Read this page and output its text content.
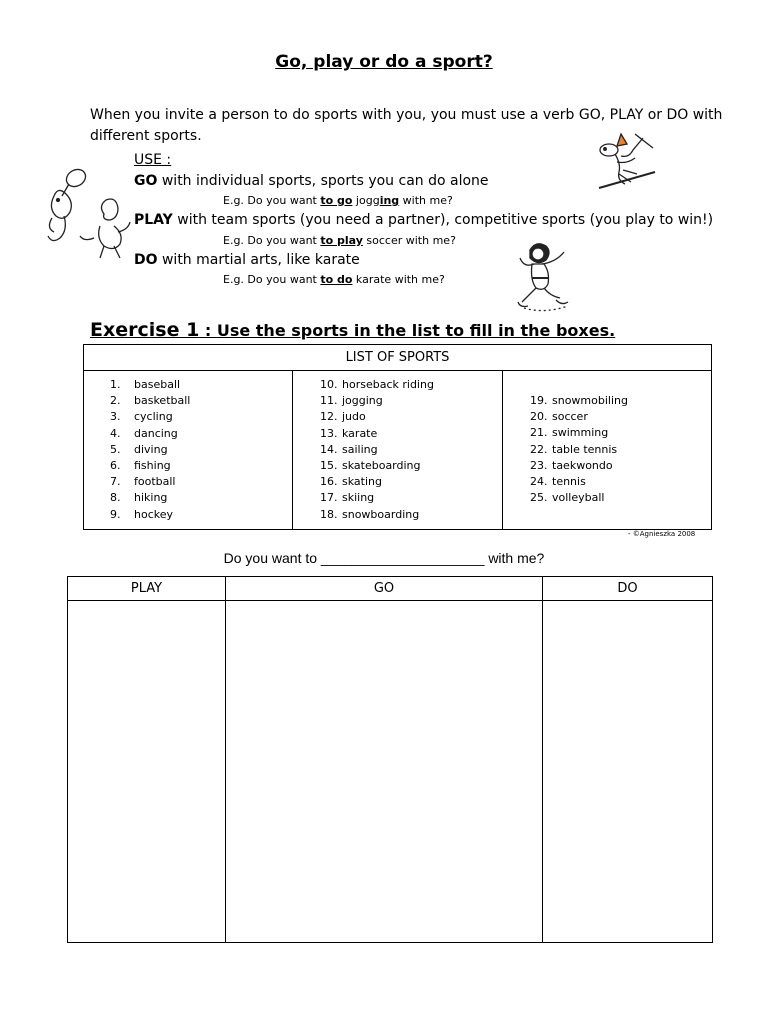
Go, play or do a sport?
When you invite a person to do sports with you, you must use a verb GO, PLAY or DO with different sports.
USE :
GO with individual sports, sports you can do alone
E.g. Do you want to go jogging with me?
PLAY with team sports (you need a partner), competitive sports (you play to win!)
E.g. Do you want to play soccer with me?
DO with martial arts, like karate
E.g. Do you want to do karate with me?
Exercise 1 : Use the sports in the list to fill in the boxes.
LIST OF SPORTS
1.	baseball
2.	basketball
3.	cycling
4.	dancing
5.	diving
6.	fishing
7.	football
8.	hiking
9.	hockey
10. horseback riding
11. jogging
12. judo
13. karate
14. sailing
15. skateboarding
16. skating
17. skiing
18. snowboarding
19. snowmobiling
20. soccer
21. swimming
22. table tennis
23. taekwondo
24. tennis
25. volleyball
- ©Agnieszka 2008
Do you want to _____________________ with me?
PLAY	GO	DO
